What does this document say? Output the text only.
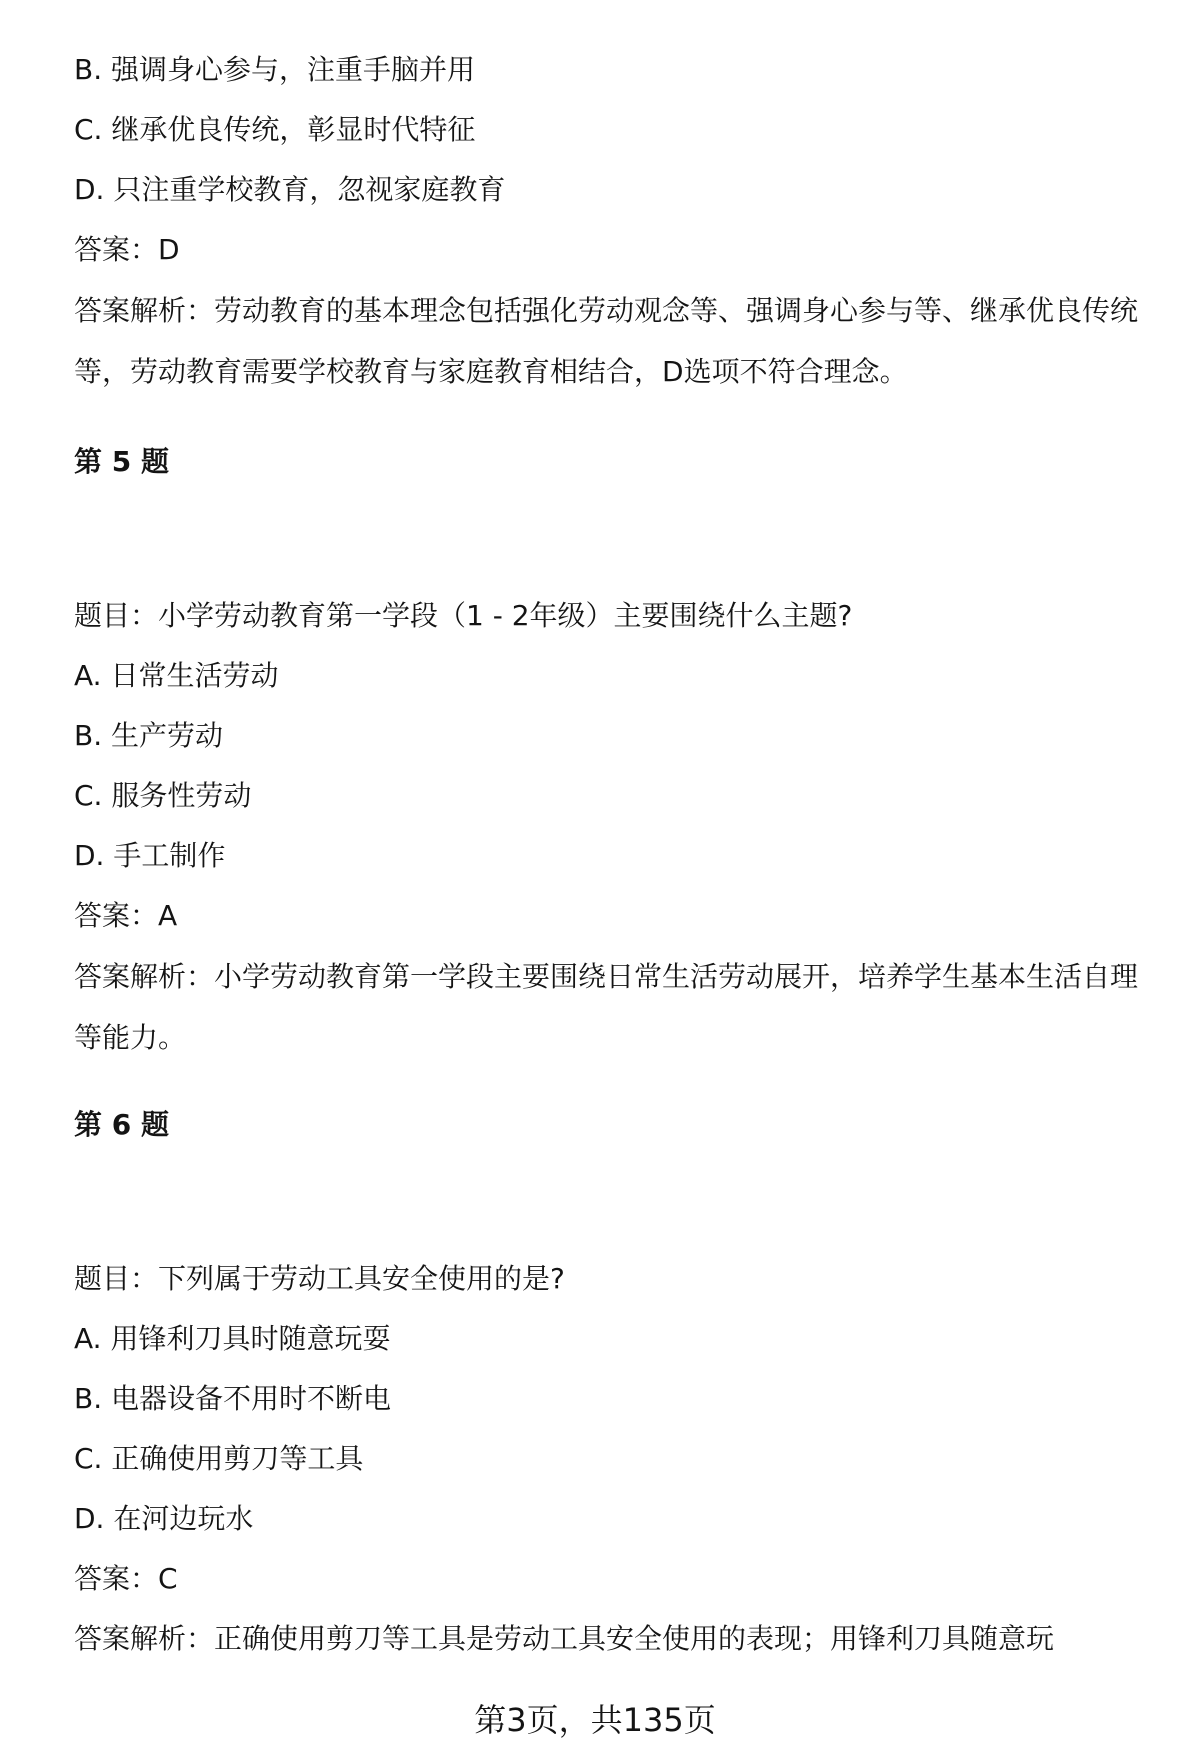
B. 强调身心参与，注重手脑并用
C. 继承优良传统，彰显时代特征
D. 只注重学校教育，忽视家庭教育
答案：D
答案解析：劳动教育的基本理念包括强化劳动观念等、强调身心参与等、继承优良传统等，劳动教育需要学校教育与家庭教育相结合，D选项不符合理念。
第 5 题
题目：小学劳动教育第一学段（1 - 2年级）主要围绕什么主题?
A. 日常生活劳动
B. 生产劳动
C. 服务性劳动
D. 手工制作
答案：A
答案解析：小学劳动教育第一学段主要围绕日常生活劳动展开，培养学生基本生活自理等能力。
第 6 题
题目：下列属于劳动工具安全使用的是?
A. 用锋利刀具时随意玩耍
B. 电器设备不用时不断电
C. 正确使用剪刀等工具
D. 在河边玩水
答案：C
答案解析：正确使用剪刀等工具是劳动工具安全使用的表现；用锋利刀具随意玩
第3页，共135页
